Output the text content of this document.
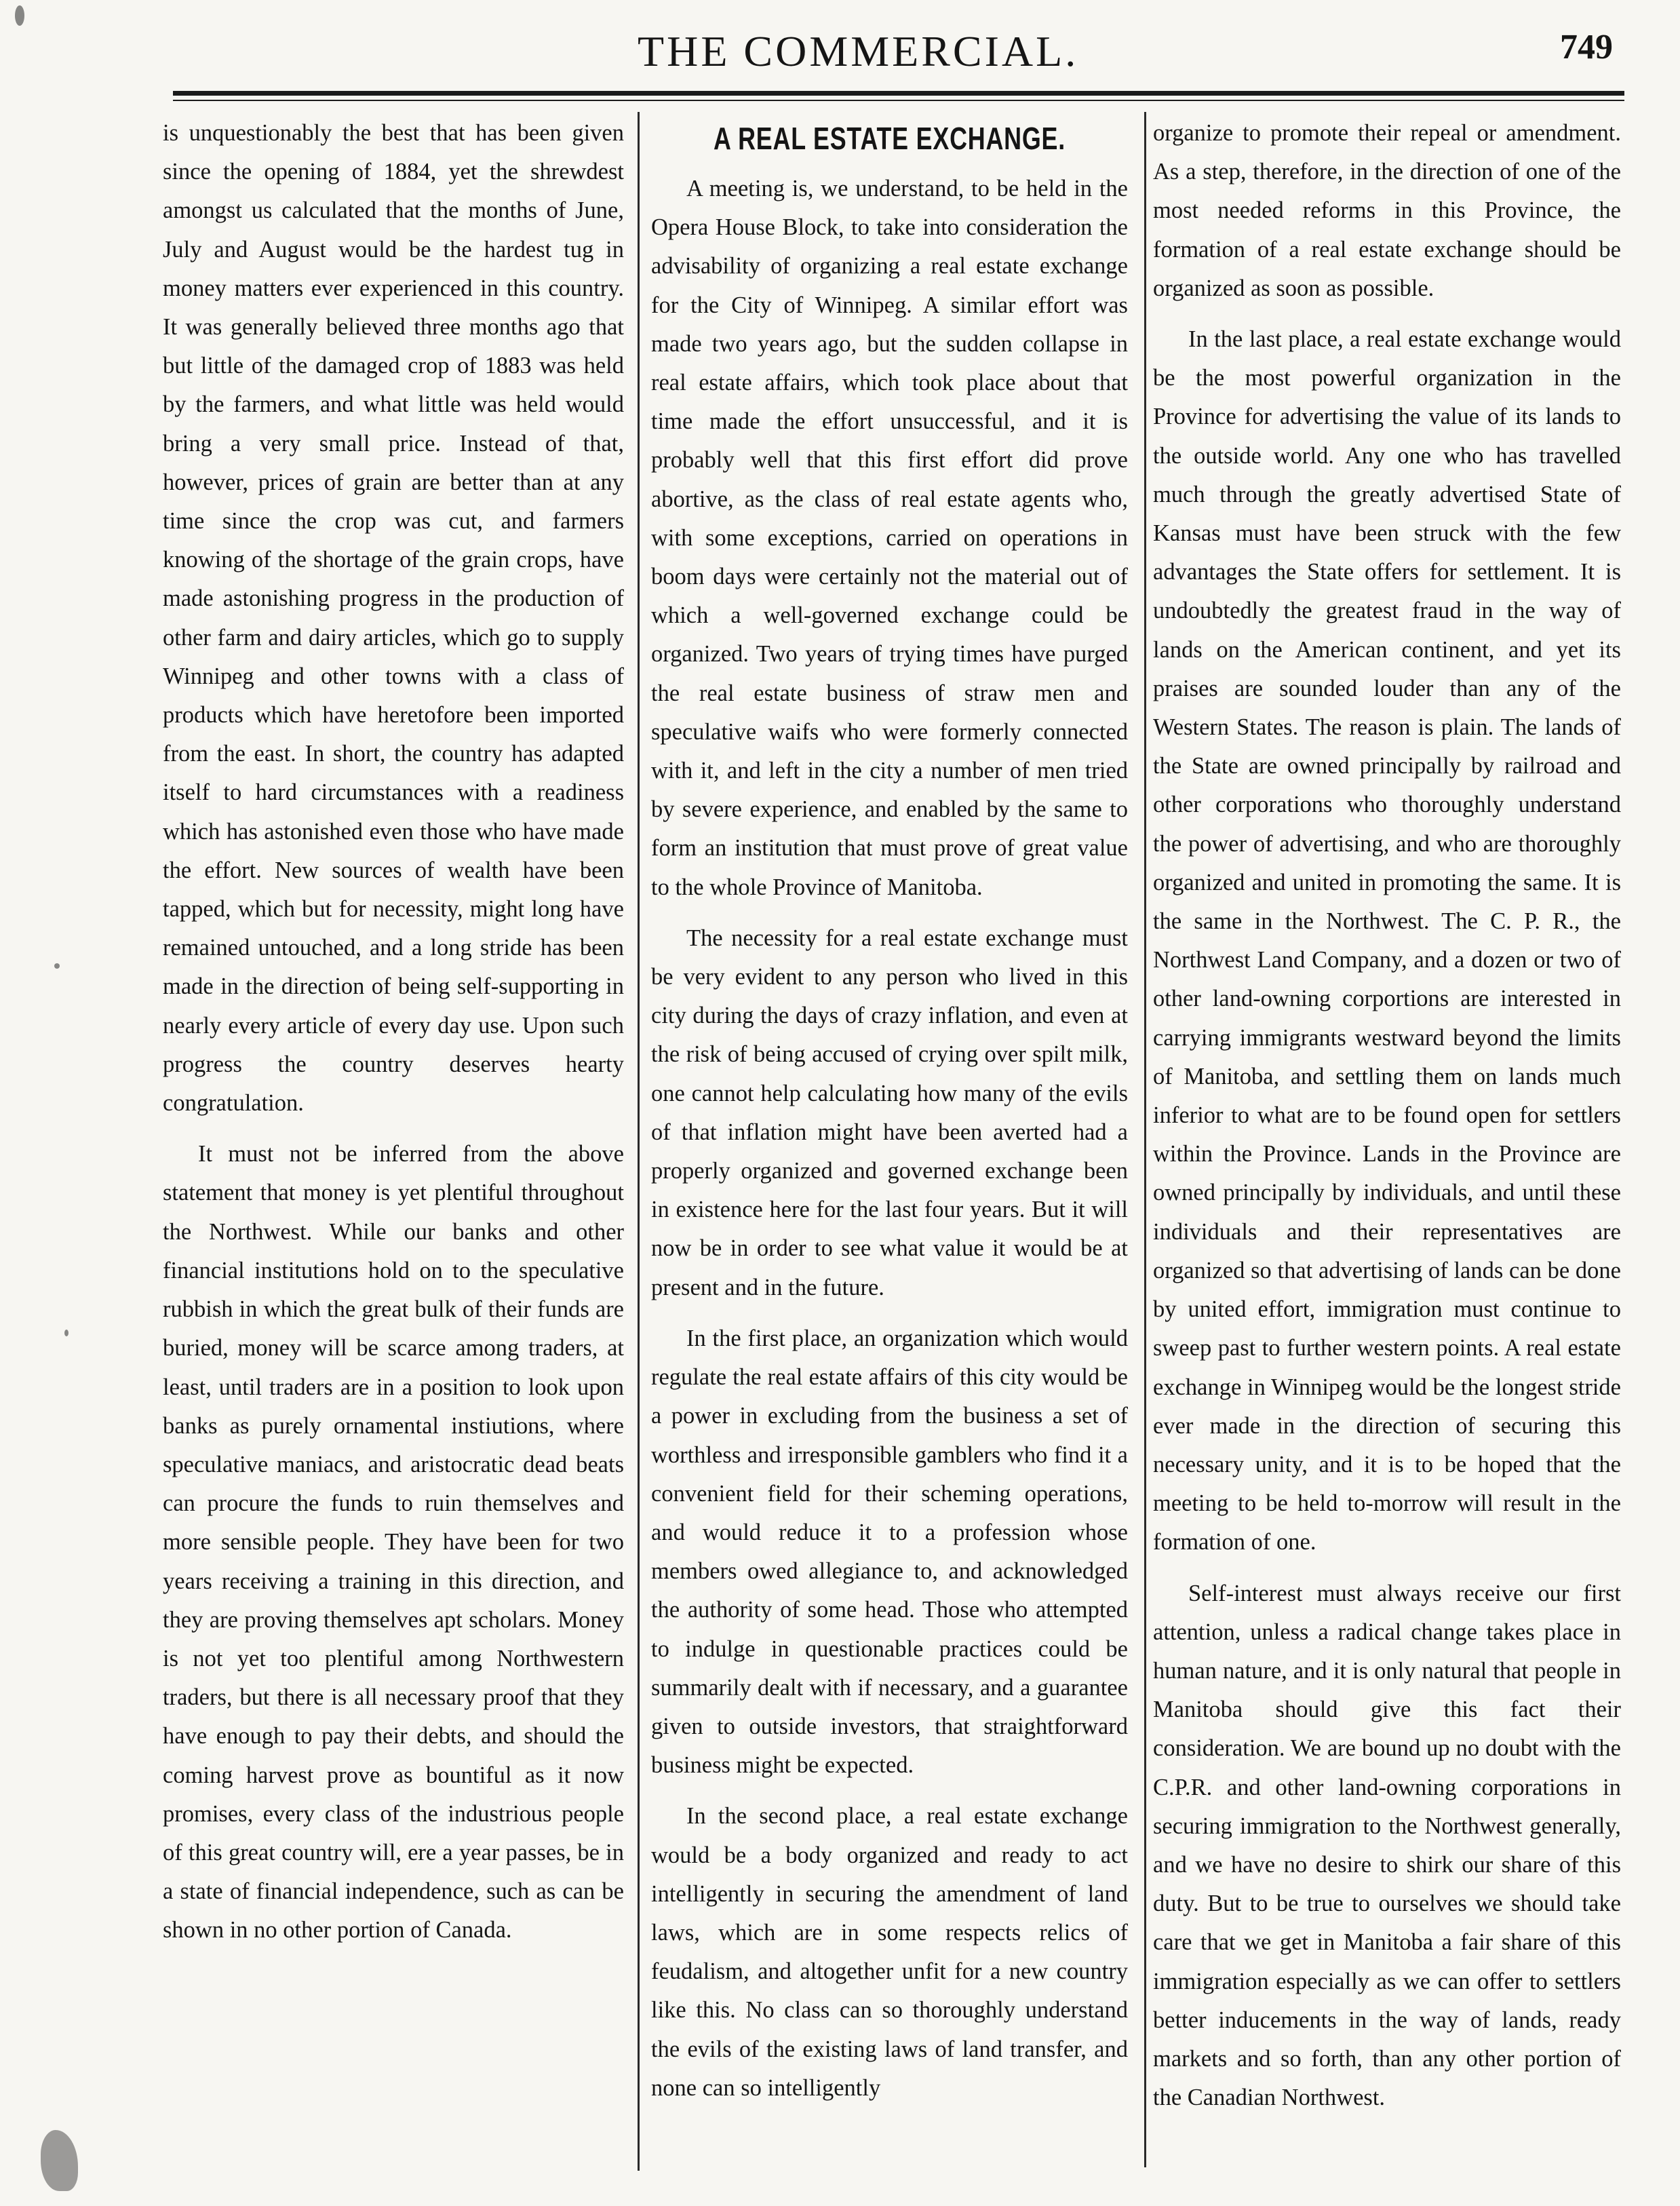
THE COMMERCIAL.	749

is unquestionably the best that has been given since the opening of 1884, yet the shrewdest amongst us calculated that the months of June, July and August would be the hardest tug in money matters ever experienced in this country. It was generally believed three months ago that but little of the damaged crop of 1883 was held by the farmers, and what little was held would bring a very small price. Instead of that, however, prices of grain are better than at any time since the crop was cut, and farmers knowing of the shortage of the grain crops, have made astonishing progress in the production of other farm and dairy articles, which go to supply Winnipeg and other towns with a class of products which have heretofore been imported from the east. In short, the country has adapted itself to hard circumstances with a readiness which has astonished even those who have made the effort. New sources of wealth have been tapped, which but for necessity, might long have remained untouched, and a long stride has been made in the direction of being self-supporting in nearly every article of every day use. Upon such progress the country deserves hearty congratulation.

It must not be inferred from the above statement that money is yet plentiful throughout the Northwest. While our banks and other financial institutions hold on to the speculative rubbish in which the great bulk of their funds are buried, money will be scarce among traders, at least, until traders are in a position to look upon banks as purely ornamental instiutions, where speculative maniacs, and aristocratic dead beats can procure the funds to ruin themselves and more sensible people. They have been for two years receiving a training in this direction, and they are proving themselves apt scholars. Money is not yet too plentiful among Northwestern traders, but there is all necessary proof that they have enough to pay their debts, and should the coming harvest prove as bountiful as it now promises, every class of the industrious people of this great country will, ere a year passes, be in a state of financial independence, such as can be shown in no other portion of Canada.

A REAL ESTATE EXCHANGE.

A meeting is, we understand, to be held in the Opera House Block, to take into consideration the advisability of organizing a real estate exchange for the City of Winnipeg. A similar effort was made two years ago, but the sudden collapse in real estate affairs, which took place about that time made the effort unsuccessful, and it is probably well that this first effort did prove abortive, as the class of real estate agents who, with some exceptions, carried on operations in boom days were certainly not the material out of which a well-governed exchange could be organized. Two years of trying times have purged the real estate business of straw men and speculative waifs who were formerly connected with it, and left in the city a number of men tried by severe experience, and enabled by the same to form an institution that must prove of great value to the whole Province of Manitoba.

The necessity for a real estate exchange must be very evident to any person who lived in this city during the days of crazy inflation, and even at the risk of being accused of crying over spilt milk, one cannot help calculating how many of the evils of that inflation might have been averted had a properly organized and governed exchange been in existence here for the last four years. But it will now be in order to see what value it would be at present and in the future.

In the first place, an organization which would regulate the real estate affairs of this city would be a power in excluding from the business a set of worthless and irresponsible gamblers who find it a convenient field for their scheming operations, and would reduce it to a profession whose members owed allegiance to, and acknowledged the authority of some head. Those who attempted to indulge in questionable practices could be summarily dealt with if necessary, and a guarantee given to outside investors, that straightforward business might be expected.

In the second place, a real estate exchange would be a body organized and ready to act intelligently in securing the amendment of land laws, which are in some respects relics of feudalism, and altogether unfit for a new country like this. No class can so thoroughly understand the evils of the existing laws of land transfer, and none can so intelligently

organize to promote their repeal or amendment. As a step, therefore, in the direction of one of the most needed reforms in this Province, the formation of a real estate exchange should be organized as soon as possible.

In the last place, a real estate exchange would be the most powerful organization in the Province for advertising the value of its lands to the outside world. Any one who has travelled much through the greatly advertised State of Kansas must have been struck with the few advantages the State offers for settlement. It is undoubtedly the greatest fraud in the way of lands on the American continent, and yet its praises are sounded louder than any of the Western States. The reason is plain. The lands of the State are owned principally by railroad and other corporations who thoroughly understand the power of advertising, and who are thoroughly organized and united in promoting the same. It is the same in the Northwest. The C. P. R., the Northwest Land Company, and a dozen or two of other land-owning corportions are interested in carrying immigrants westward beyond the limits of Manitoba, and settling them on lands much inferior to what are to be found open for settlers within the Province. Lands in the Province are owned principally by individuals, and until these individuals and their representatives are organized so that advertising of lands can be done by united effort, immigration must continue to sweep past to further western points. A real estate exchange in Winnipeg would be the longest stride ever made in the direction of securing this necessary unity, and it is to be hoped that the meeting to be held to-morrow will result in the formation of one.

Self-interest must always receive our first attention, unless a radical change takes place in human nature, and it is only natural that people in Manitoba should give this fact their consideration. We are bound up no doubt with the C.P.R. and other land-owning corporations in securing immigration to the Northwest generally, and we have no desire to shirk our share of this duty. But to be true to ourselves we should take care that we get in Manitoba a fair share of this immigration especially as we can offer to settlers better inducements in the way of lands, ready markets and so forth, than any other portion of the Canadian Northwest.
